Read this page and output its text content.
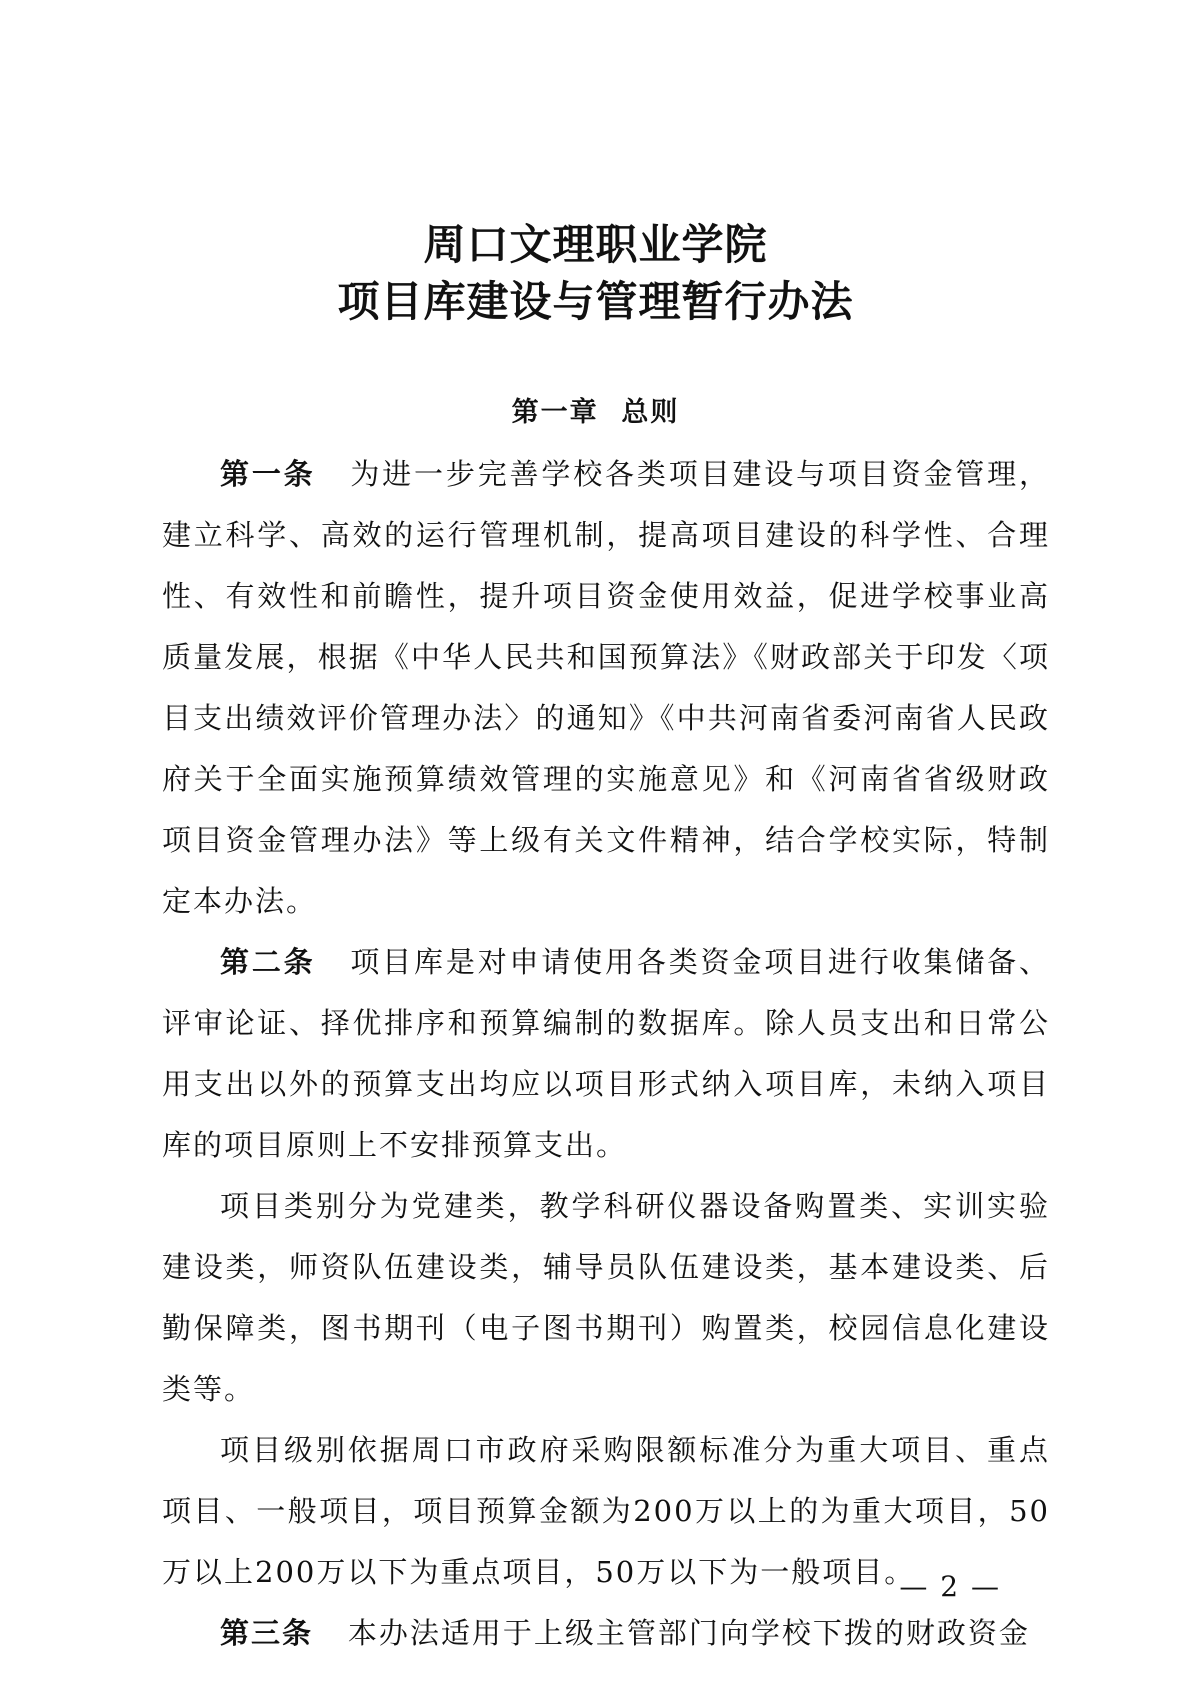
周口文理职业学院
项目库建设与管理暂行办法
第一章  总则

第一条 为进一步完善学校各类项目建设与项目资金管理，建立科学、高效的运行管理机制，提高项目建设的科学性、合理性、有效性和前瞻性，提升项目资金使用效益，促进学校事业高质量发展，根据《中华人民共和国预算法》《财政部关于印发〈项目支出绩效评价管理办法〉的通知》《中共河南省委河南省人民政府关于全面实施预算绩效管理的实施意见》和《河南省省级财政项目资金管理办法》等上级有关文件精神，结合学校实际，特制定本办法。

第二条 项目库是对申请使用各类资金项目进行收集储备、评审论证、择优排序和预算编制的数据库。除人员支出和日常公用支出以外的预算支出均应以项目形式纳入项目库，未纳入项目库的项目原则上不安排预算支出。

项目类别分为党建类，教学科研仪器设备购置类、实训实验建设类，师资队伍建设类，辅导员队伍建设类，基本建设类、后勤保障类，图书期刊（电子图书期刊）购置类，校园信息化建设类等。

项目级别依据周口市政府采购限额标准分为重大项目、重点项目、一般项目，项目预算金额为200万以上的为重大项目，50万以上200万以下为重点项目，50万以下为一般项目。

第三条 本办法适用于上级主管部门向学校下拨的财政资金

— 2 —
